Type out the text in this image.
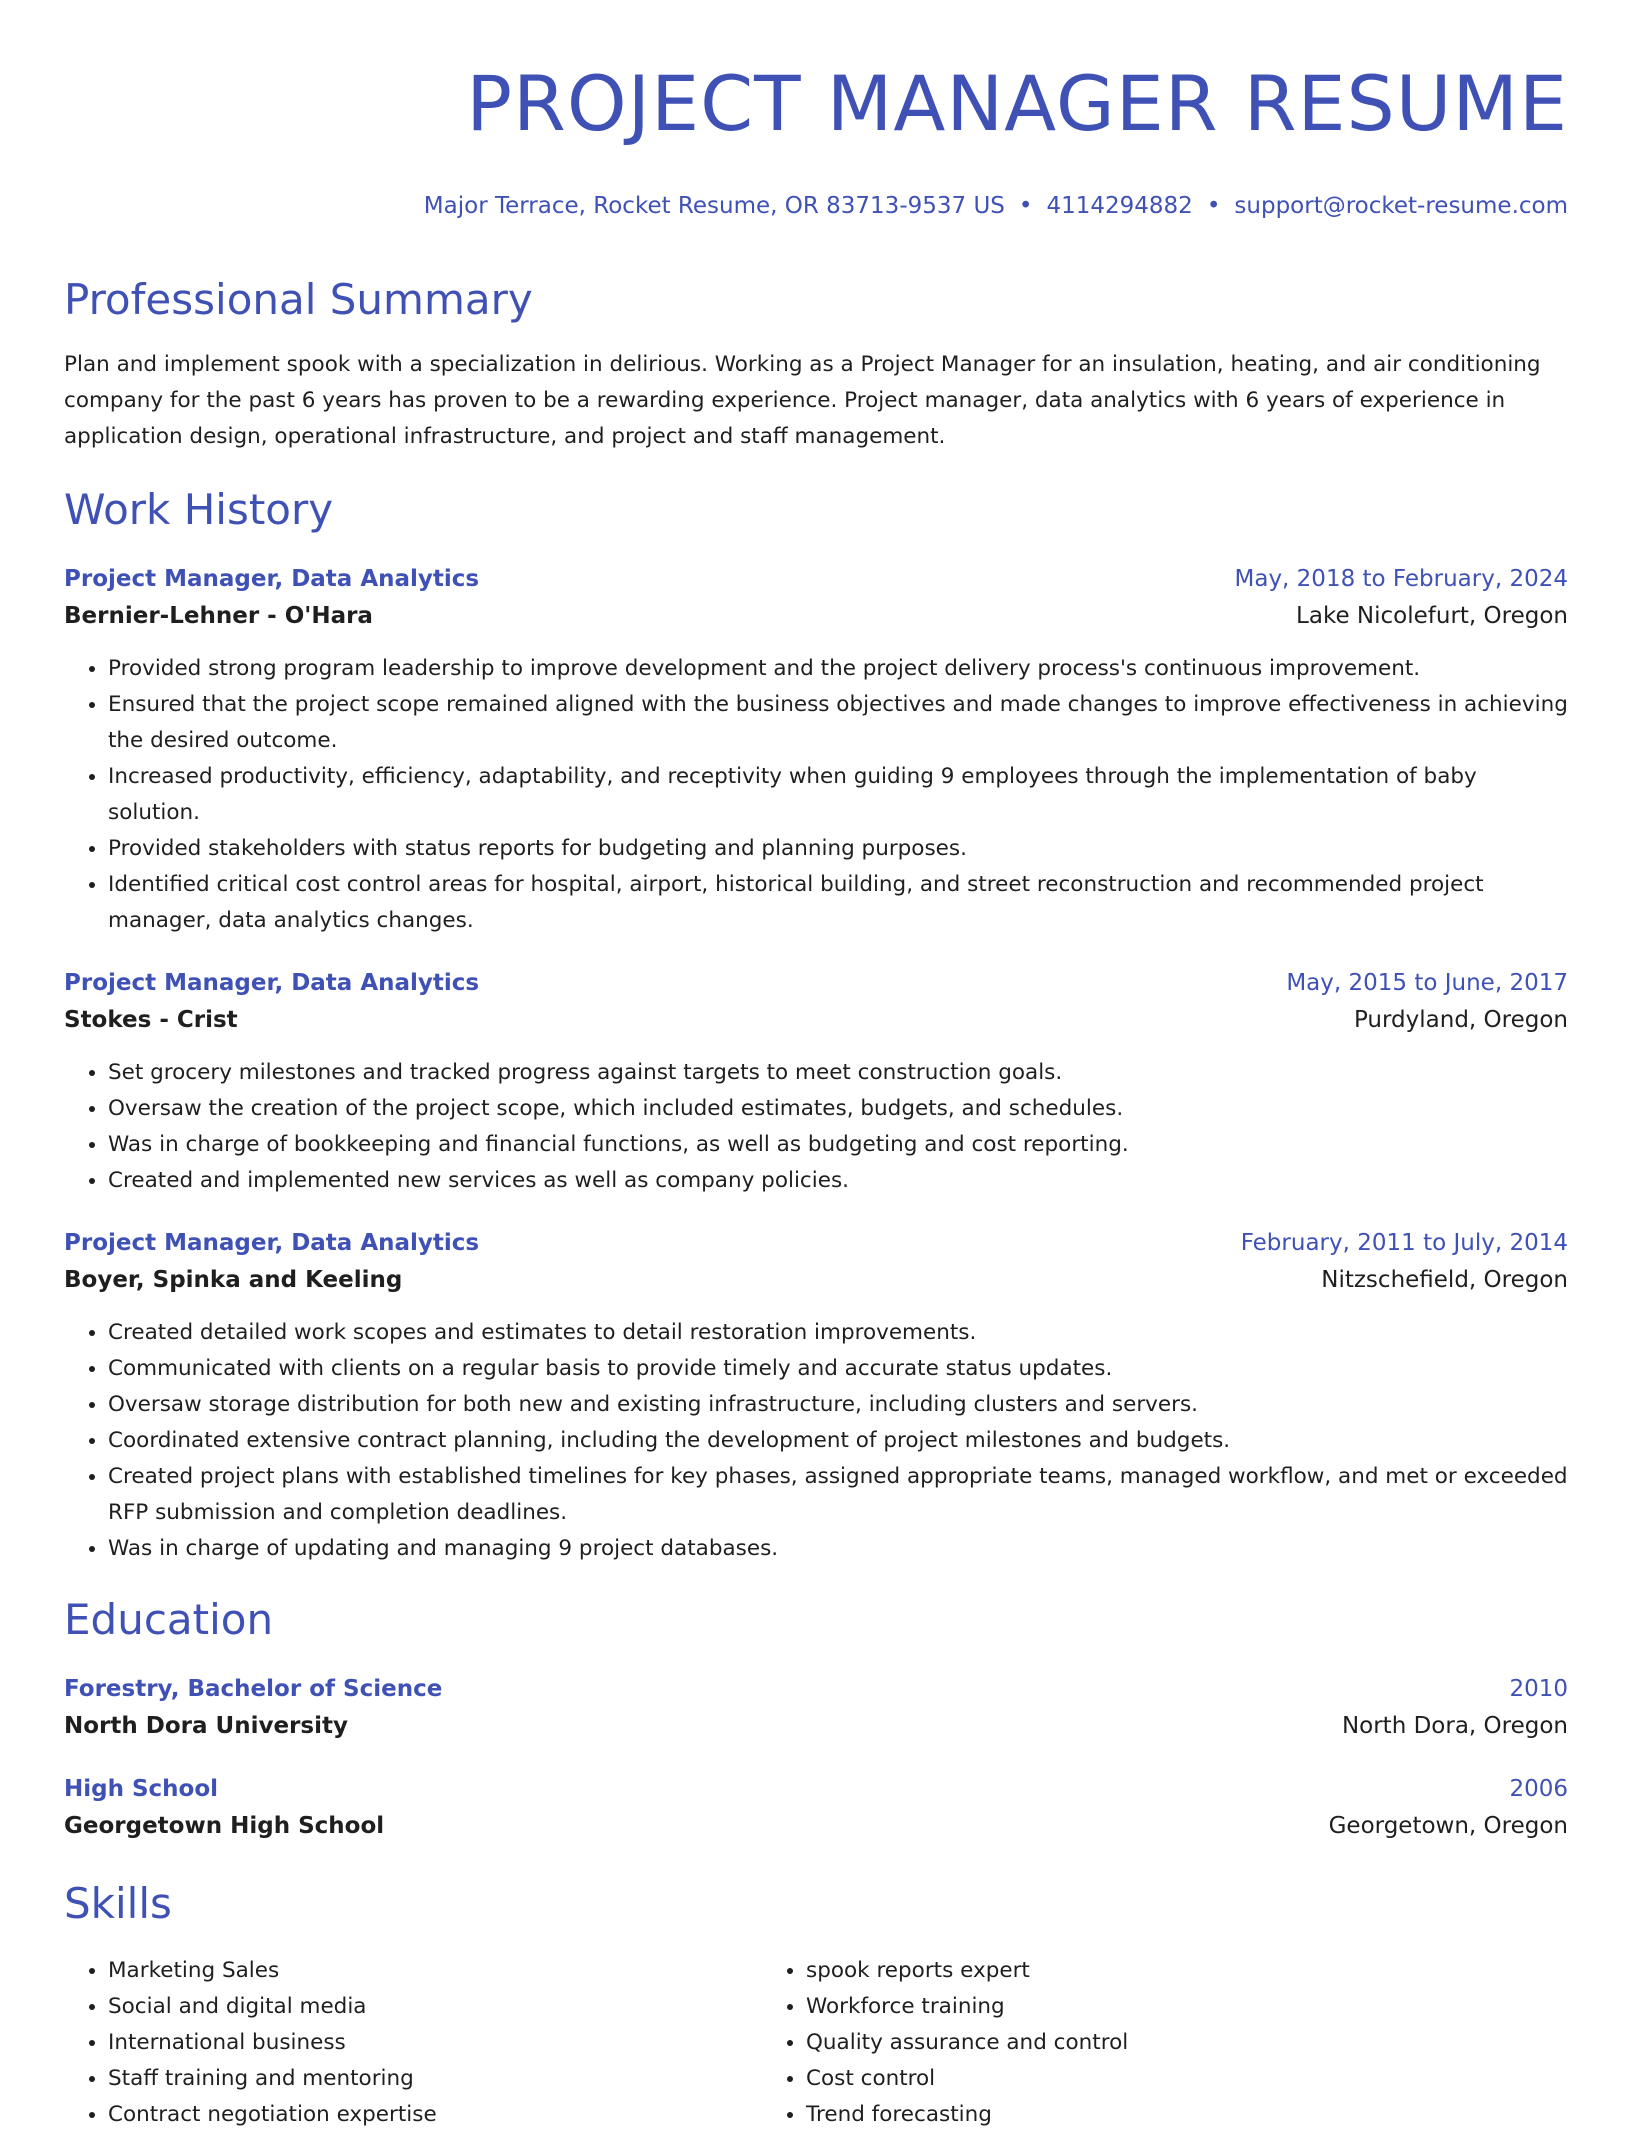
PROJECT MANAGER RESUME
Major Terrace, Rocket Resume, OR 83713-9537 US • 4114294882 • support@rocket-resume.com
Professional Summary
Plan and implement spook with a specialization in delirious. Working as a Project Manager for an insulation, heating, and air conditioning company for the past 6 years has proven to be a rewarding experience. Project manager, data analytics with 6 years of experience in application design, operational infrastructure, and project and staff management.
Work History
Project Manager, Data Analytics	May, 2018 to February, 2024
Bernier-Lehner - O'Hara	Lake Nicolefurt, Oregon
• Provided strong program leadership to improve development and the project delivery process's continuous improvement.
• Ensured that the project scope remained aligned with the business objectives and made changes to improve effectiveness in achieving the desired outcome.
• Increased productivity, efficiency, adaptability, and receptivity when guiding 9 employees through the implementation of baby solution.
• Provided stakeholders with status reports for budgeting and planning purposes.
• Identified critical cost control areas for hospital, airport, historical building, and street reconstruction and recommended project manager, data analytics changes.
Project Manager, Data Analytics	May, 2015 to June, 2017
Stokes - Crist	Purdyland, Oregon
• Set grocery milestones and tracked progress against targets to meet construction goals.
• Oversaw the creation of the project scope, which included estimates, budgets, and schedules.
• Was in charge of bookkeeping and financial functions, as well as budgeting and cost reporting.
• Created and implemented new services as well as company policies.
Project Manager, Data Analytics	February, 2011 to July, 2014
Boyer, Spinka and Keeling	Nitzschefield, Oregon
• Created detailed work scopes and estimates to detail restoration improvements.
• Communicated with clients on a regular basis to provide timely and accurate status updates.
• Oversaw storage distribution for both new and existing infrastructure, including clusters and servers.
• Coordinated extensive contract planning, including the development of project milestones and budgets.
• Created project plans with established timelines for key phases, assigned appropriate teams, managed workflow, and met or exceeded RFP submission and completion deadlines.
• Was in charge of updating and managing 9 project databases.
Education
Forestry, Bachelor of Science	2010
North Dora University	North Dora, Oregon
High School	2006
Georgetown High School	Georgetown, Oregon
Skills
• Marketing Sales
• Social and digital media
• International business
• Staff training and mentoring
• Contract negotiation expertise
• spook reports expert
• Workforce training
• Quality assurance and control
• Cost control
• Trend forecasting
